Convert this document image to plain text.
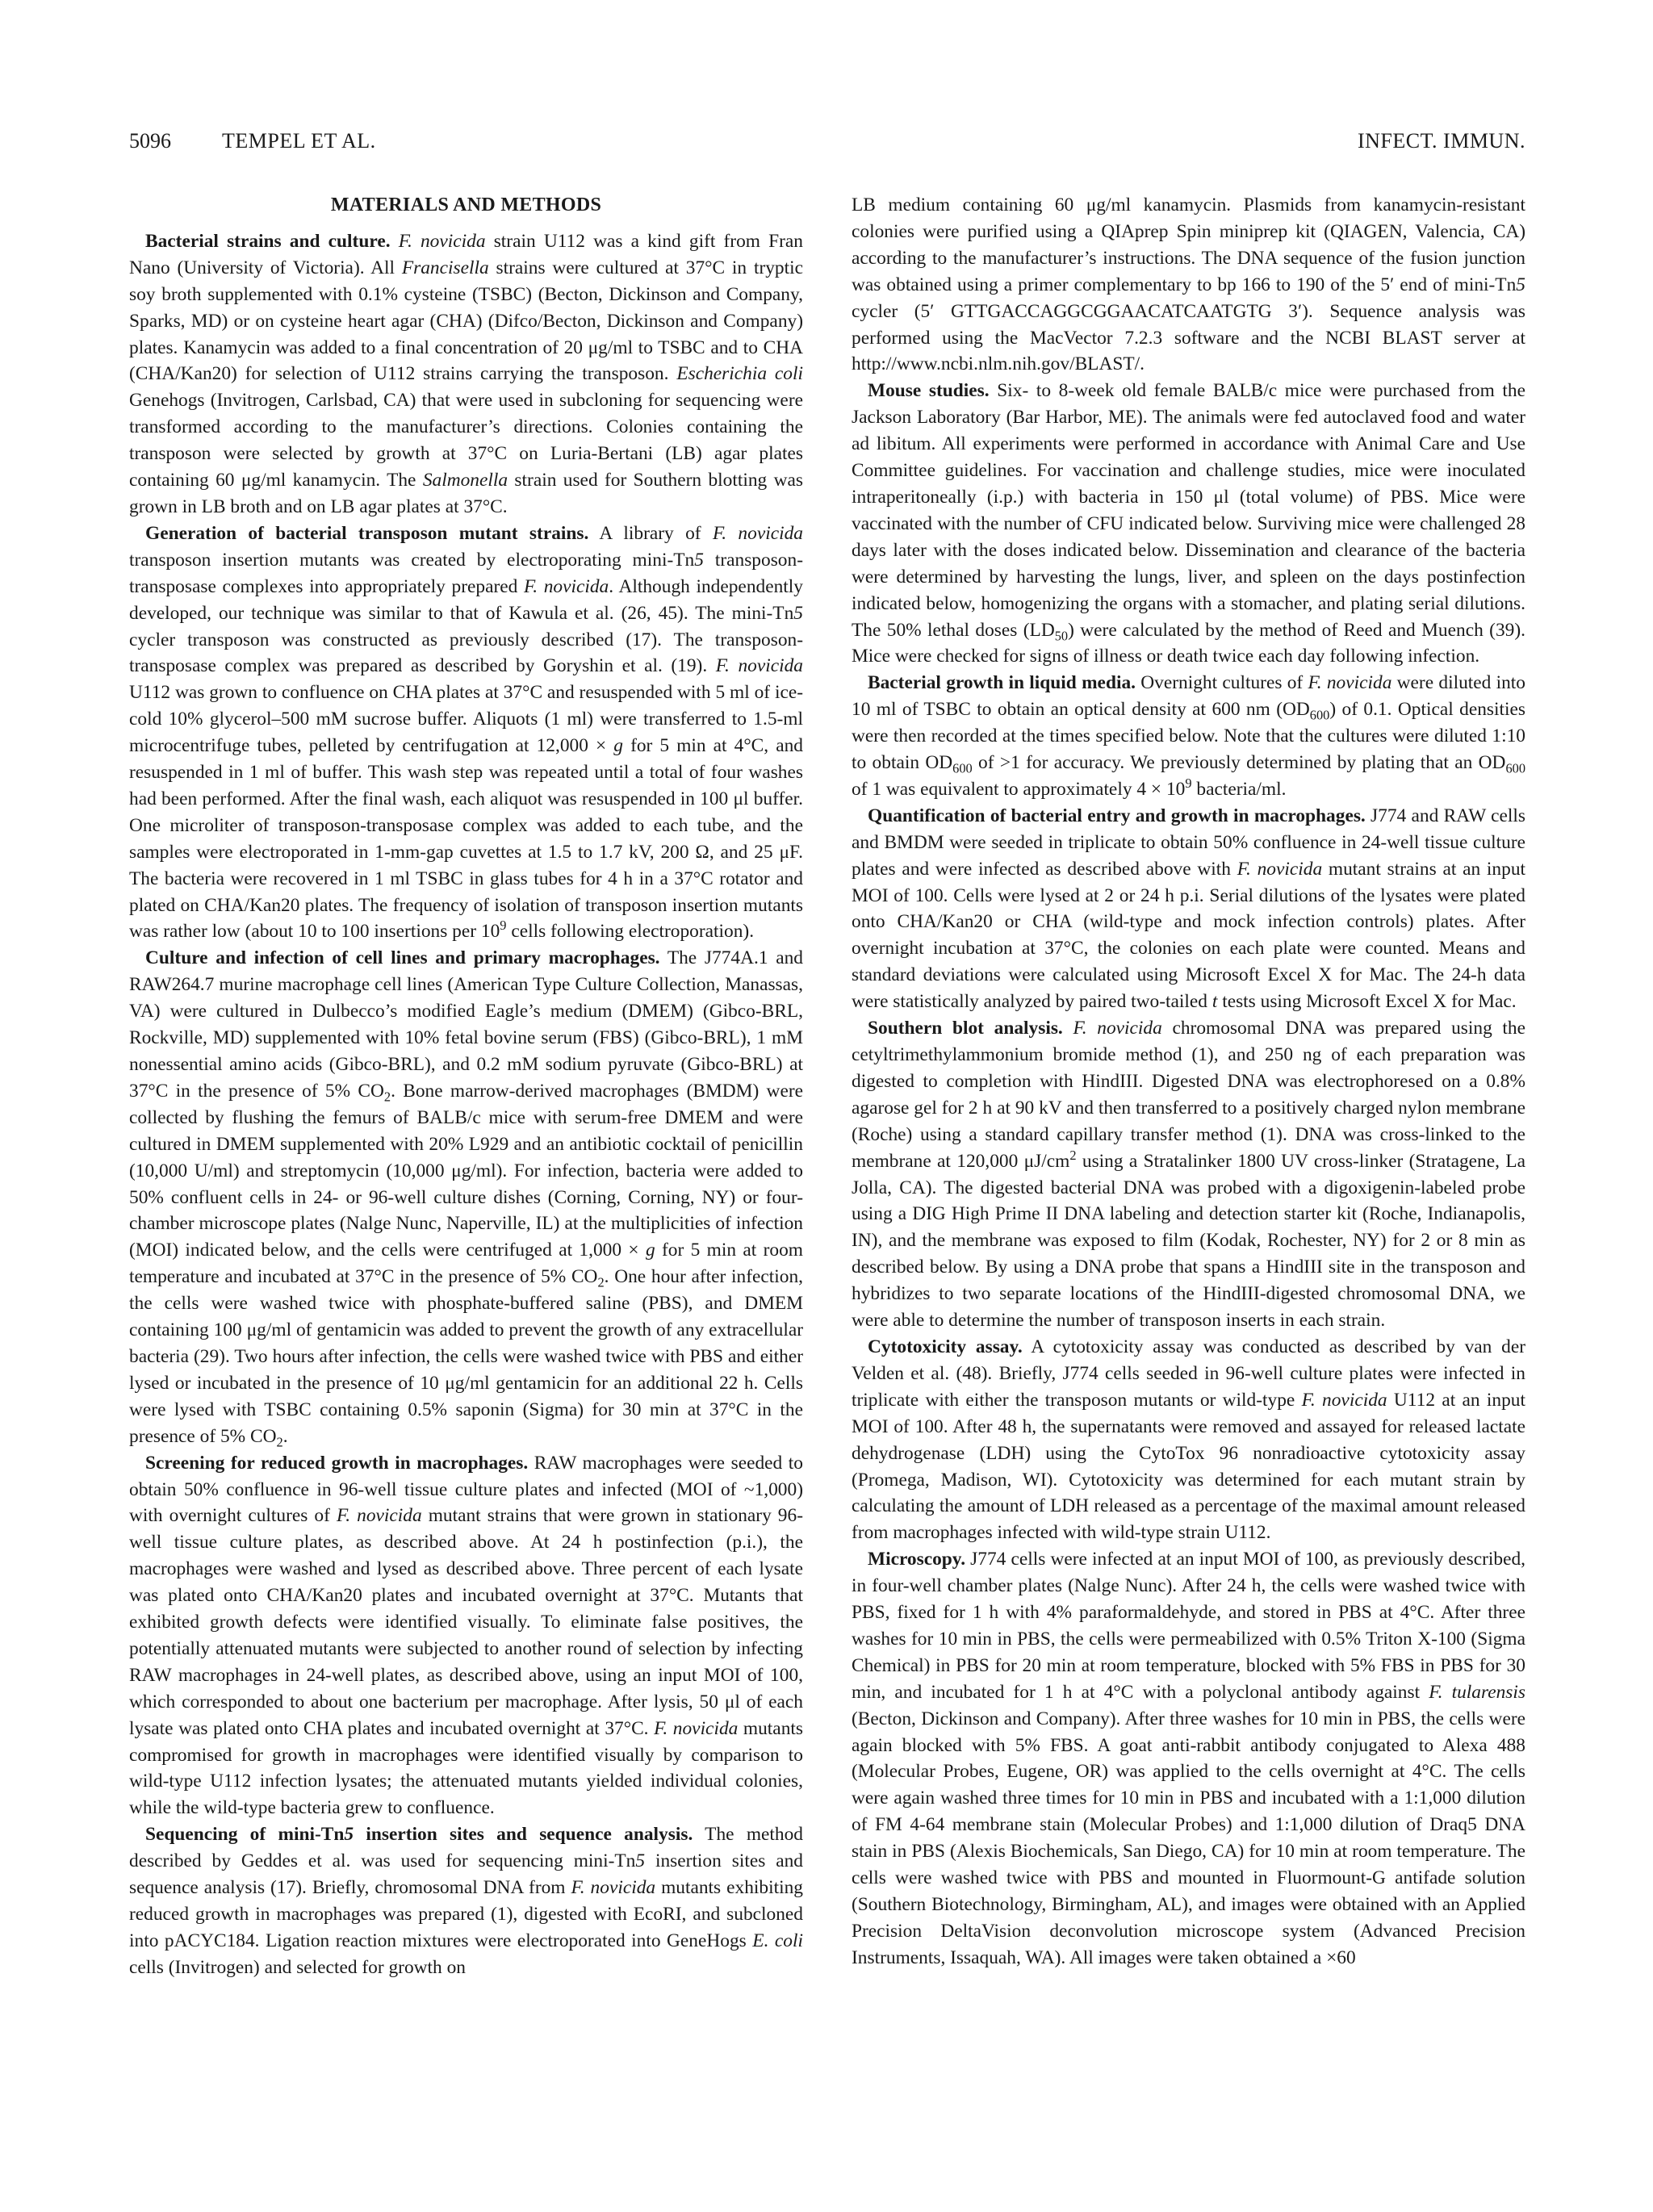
5096 TEMPEL ET AL.	INFECT. IMMUN.
MATERIALS AND METHODS

Bacterial strains and culture. F. novicida strain U112 was a kind gift from Fran Nano (University of Victoria). All Francisella strains were cultured at 37°C in tryptic soy broth supplemented with 0.1% cysteine (TSBC) (Becton, Dickinson and Company, Sparks, MD) or on cysteine heart agar (CHA) (Difco/Becton, Dickinson and Company) plates. Kanamycin was added to a final concentration of 20 μg/ml to TSBC and to CHA (CHA/Kan20) for selection of U112 strains carrying the transposon. Escherichia coli Genehogs (Invitrogen, Carlsbad, CA) that were used in subcloning for sequencing were transformed according to the manufacturer’s directions. Colonies containing the transposon were selected by growth at 37°C on Luria-Bertani (LB) agar plates containing 60 μg/ml kanamycin. The Salmonella strain used for Southern blotting was grown in LB broth and on LB agar plates at 37°C.

Generation of bacterial transposon mutant strains. A library of F. novicida transposon insertion mutants was created by electroporating mini-Tn5 transposon-transposase complexes into appropriately prepared F. novicida. Although independently developed, our technique was similar to that of Kawula et al. (26, 45). The mini-Tn5 cycler transposon was constructed as previously described (17). The transposon-transposase complex was prepared as described by Goryshin et al. (19). F. novicida U112 was grown to confluence on CHA plates at 37°C and resuspended with 5 ml of ice-cold 10% glycerol–500 mM sucrose buffer. Aliquots (1 ml) were transferred to 1.5-ml microcentrifuge tubes, pelleted by centrifugation at 12,000 × g for 5 min at 4°C, and resuspended in 1 ml of buffer. This wash step was repeated until a total of four washes had been performed. After the final wash, each aliquot was resuspended in 100 μl buffer. One microliter of transposon-transposase complex was added to each tube, and the samples were electroporated in 1-mm-gap cuvettes at 1.5 to 1.7 kV, 200 Ω, and 25 μF. The bacteria were recovered in 1 ml TSBC in glass tubes for 4 h in a 37°C rotator and plated on CHA/Kan20 plates. The frequency of isolation of transposon insertion mutants was rather low (about 10 to 100 insertions per $10^9$ cells following electroporation).

Culture and infection of cell lines and primary macrophages. The J774A.1 and RAW264.7 murine macrophage cell lines (American Type Culture Collection, Manassas, VA) were cultured in Dulbecco’s modified Eagle’s medium (DMEM) (Gibco-BRL, Rockville, MD) supplemented with 10% fetal bovine serum (FBS) (Gibco-BRL), 1 mM nonessential amino acids (Gibco-BRL), and 0.2 mM sodium pyruvate (Gibco-BRL) at 37°C in the presence of 5% $CO_2$. Bone marrow-derived macrophages (BMDM) were collected by flushing the femurs of BALB/c mice with serum-free DMEM and were cultured in DMEM supplemented with 20% L929 and an antibiotic cocktail of penicillin (10,000 U/ml) and streptomycin (10,000 μg/ml). For infection, bacteria were added to 50% confluent cells in 24- or 96-well culture dishes (Corning, Corning, NY) or four-chamber microscope plates (Nalge Nunc, Naperville, IL) at the multiplicities of infection (MOI) indicated below, and the cells were centrifuged at 1,000 × g for 5 min at room temperature and incubated at 37°C in the presence of 5% $CO_2$. One hour after infection, the cells were washed twice with phosphate-buffered saline (PBS), and DMEM containing 100 μg/ml of gentamicin was added to prevent the growth of any extracellular bacteria (29). Two hours after infection, the cells were washed twice with PBS and either lysed or incubated in the presence of 10 μg/ml gentamicin for an additional 22 h. Cells were lysed with TSBC containing 0.5% saponin (Sigma) for 30 min at 37°C in the presence of 5% $CO_2$.

Screening for reduced growth in macrophages. RAW macrophages were seeded to obtain 50% confluence in 96-well tissue culture plates and infected (MOI of ~1,000) with overnight cultures of F. novicida mutant strains that were grown in stationary 96-well tissue culture plates, as described above. At 24 h postinfection (p.i.), the macrophages were washed and lysed as described above. Three percent of each lysate was plated onto CHA/Kan20 plates and incubated overnight at 37°C. Mutants that exhibited growth defects were identified visually. To eliminate false positives, the potentially attenuated mutants were subjected to another round of selection by infecting RAW macrophages in 24-well plates, as described above, using an input MOI of 100, which corresponded to about one bacterium per macrophage. After lysis, 50 μl of each lysate was plated onto CHA plates and incubated overnight at 37°C. F. novicida mutants compromised for growth in macrophages were identified visually by comparison to wild-type U112 infection lysates; the attenuated mutants yielded individual colonies, while the wild-type bacteria grew to confluence.

Sequencing of mini-Tn5 insertion sites and sequence analysis. The method described by Geddes et al. was used for sequencing mini-Tn5 insertion sites and sequence analysis (17). Briefly, chromosomal DNA from F. novicida mutants exhibiting reduced growth in macrophages was prepared (1), digested with EcoRI, and subcloned into pACYC184. Ligation reaction mixtures were electroporated into GeneHogs E. coli cells (Invitrogen) and selected for growth on

LB medium containing 60 μg/ml kanamycin. Plasmids from kanamycin-resistant colonies were purified using a QIAprep Spin miniprep kit (QIAGEN, Valencia, CA) according to the manufacturer’s instructions. The DNA sequence of the fusion junction was obtained using a primer complementary to bp 166 to 190 of the 5′ end of mini-Tn5 cycler (5′ GTTGACCAGGCGGAACATCAATGTG 3′). Sequence analysis was performed using the MacVector 7.2.3 software and the NCBI BLAST server at http://www.ncbi.nlm.nih.gov/BLAST/.

Mouse studies. Six- to 8-week old female BALB/c mice were purchased from the Jackson Laboratory (Bar Harbor, ME). The animals were fed autoclaved food and water ad libitum. All experiments were performed in accordance with Animal Care and Use Committee guidelines. For vaccination and challenge studies, mice were inoculated intraperitoneally (i.p.) with bacteria in 150 μl (total volume) of PBS. Mice were vaccinated with the number of CFU indicated below. Surviving mice were challenged 28 days later with the doses indicated below. Dissemination and clearance of the bacteria were determined by harvesting the lungs, liver, and spleen on the days postinfection indicated below, homogenizing the organs with a stomacher, and plating serial dilutions. The 50% lethal doses $(LD_{50})$ were calculated by the method of Reed and Muench (39). Mice were checked for signs of illness or death twice each day following infection.

Bacterial growth in liquid media. Overnight cultures of F. novicida were diluted into 10 ml of TSBC to obtain an optical density at 600 nm $(OD_{600})$ of 0.1. Optical densities were then recorded at the times specified below. Note that the cultures were diluted 1:10 to obtain $OD_{600}$ of >1 for accuracy. We previously determined by plating that an $OD_{600}$ of 1 was equivalent to approximately $4 \times 10^9$ bacteria/ml.

Quantification of bacterial entry and growth in macrophages. J774 and RAW cells and BMDM were seeded in triplicate to obtain 50% confluence in 24-well tissue culture plates and were infected as described above with F. novicida mutant strains at an input MOI of 100. Cells were lysed at 2 or 24 h p.i. Serial dilutions of the lysates were plated onto CHA/Kan20 or CHA (wild-type and mock infection controls) plates. After overnight incubation at 37°C, the colonies on each plate were counted. Means and standard deviations were calculated using Microsoft Excel X for Mac. The 24-h data were statistically analyzed by paired two-tailed t tests using Microsoft Excel X for Mac.

Southern blot analysis. F. novicida chromosomal DNA was prepared using the cetyltrimethylammonium bromide method (1), and 250 ng of each preparation was digested to completion with HindIII. Digested DNA was electrophoresed on a 0.8% agarose gel for 2 h at 90 kV and then transferred to a positively charged nylon membrane (Roche) using a standard capillary transfer method (1). DNA was cross-linked to the membrane at 120,000 $\mu J/cm^2$ using a Stratalinker 1800 UV cross-linker (Stratagene, La Jolla, CA). The digested bacterial DNA was probed with a digoxigenin-labeled probe using a DIG High Prime II DNA labeling and detection starter kit (Roche, Indianapolis, IN), and the membrane was exposed to film (Kodak, Rochester, NY) for 2 or 8 min as described below. By using a DNA probe that spans a HindIII site in the transposon and hybridizes to two separate locations of the HindIII-digested chromosomal DNA, we were able to determine the number of transposon inserts in each strain.

Cytotoxicity assay. A cytotoxicity assay was conducted as described by van der Velden et al. (48). Briefly, J774 cells seeded in 96-well culture plates were infected in triplicate with either the transposon mutants or wild-type F. novicida U112 at an input MOI of 100. After 48 h, the supernatants were removed and assayed for released lactate dehydrogenase (LDH) using the CytoTox 96 nonradioactive cytotoxicity assay (Promega, Madison, WI). Cytotoxicity was determined for each mutant strain by calculating the amount of LDH released as a percentage of the maximal amount released from macrophages infected with wild-type strain U112.

Microscopy. J774 cells were infected at an input MOI of 100, as previously described, in four-well chamber plates (Nalge Nunc). After 24 h, the cells were washed twice with PBS, fixed for 1 h with 4% paraformaldehyde, and stored in PBS at 4°C. After three washes for 10 min in PBS, the cells were permeabilized with 0.5% Triton X-100 (Sigma Chemical) in PBS for 20 min at room temperature, blocked with 5% FBS in PBS for 30 min, and incubated for 1 h at 4°C with a polyclonal antibody against F. tularensis (Becton, Dickinson and Company). After three washes for 10 min in PBS, the cells were again blocked with 5% FBS. A goat anti-rabbit antibody conjugated to Alexa 488 (Molecular Probes, Eugene, OR) was applied to the cells overnight at 4°C. The cells were again washed three times for 10 min in PBS and incubated with a 1:1,000 dilution of FM 4-64 membrane stain (Molecular Probes) and 1:1,000 dilution of Draq5 DNA stain in PBS (Alexis Biochemicals, San Diego, CA) for 10 min at room temperature. The cells were washed twice with PBS and mounted in Fluormount-G antifade solution (Southern Biotechnology, Birmingham, AL), and images were obtained with an Applied Precision DeltaVision deconvolution microscope system (Advanced Precision Instruments, Issaquah, WA). All images were taken obtained a ×60
